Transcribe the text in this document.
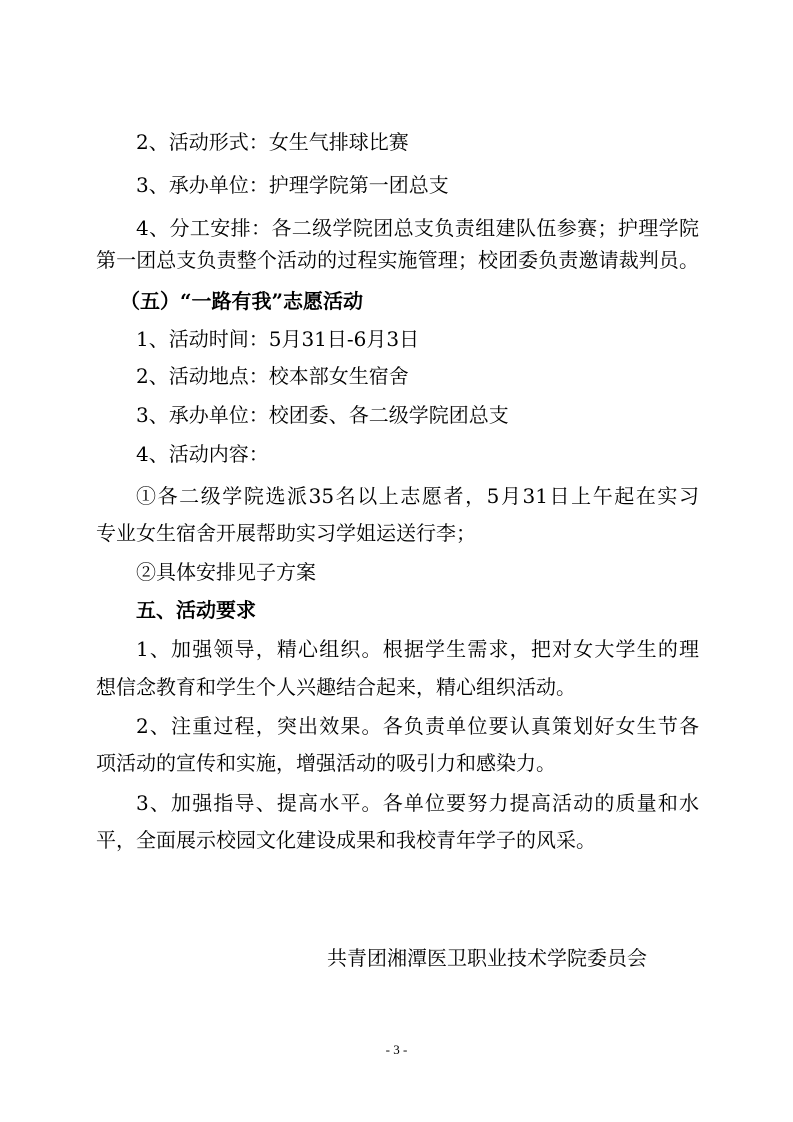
2、活动形式：女生气排球比赛
3、承办单位：护理学院第一团总支
4、分工安排：各二级学院团总支负责组建队伍参赛；护理学院
第一团总支负责整个活动的过程实施管理；校团委负责邀请裁判员。
（五）“一路有我”志愿活动
1、活动时间：5月31日-6月3日
2、活动地点：校本部女生宿舍
3、承办单位：校团委、各二级学院团总支
4、活动内容：
①各二级学院选派35名以上志愿者，5月31日上午起在实习
专业女生宿舍开展帮助实习学姐运送行李；
②具体安排见子方案
五、活动要求
1、加强领导，精心组织。根据学生需求，把对女大学生的理
想信念教育和学生个人兴趣结合起来，精心组织活动。
2、注重过程，突出效果。各负责单位要认真策划好女生节各
项活动的宣传和实施，增强活动的吸引力和感染力。
3、加强指导、提高水平。各单位要努力提高活动的质量和水
平，全面展示校园文化建设成果和我校青年学子的风采。
共青团湘潭医卫职业技术学院委员会
- 3 -
